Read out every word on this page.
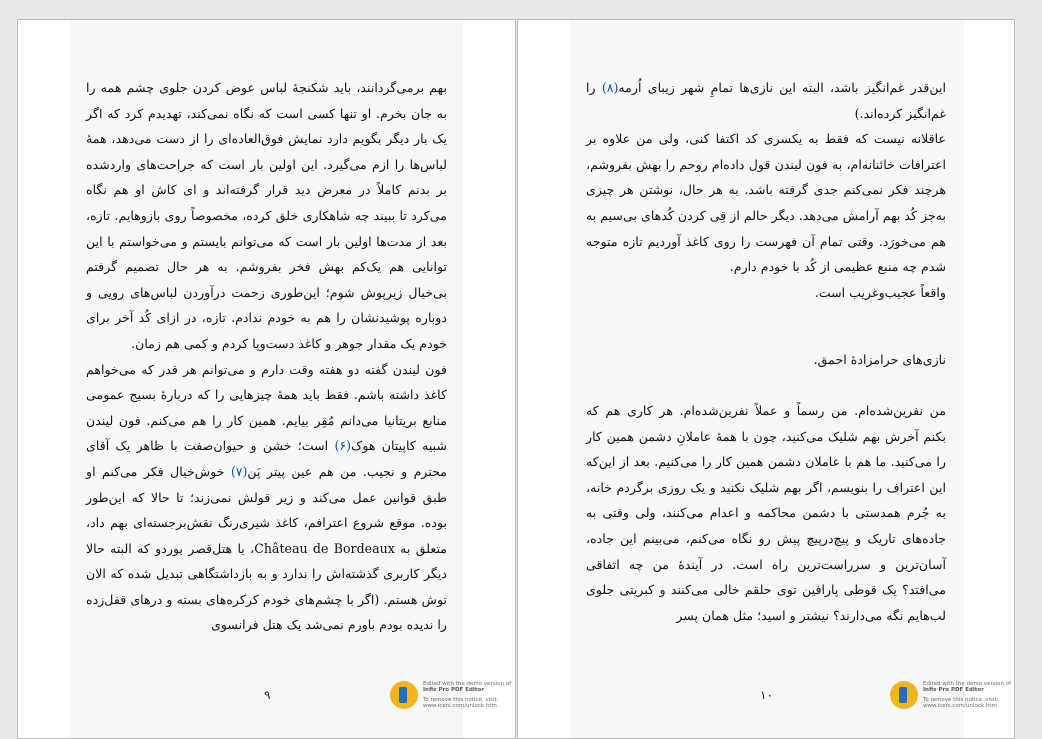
بهم برمی‌گردانند، باید شکنجهٔ لباس عوض کردن جلوی چشم همه را به جان بخرم. او تنها کسی است که نگاه نمی‌کند، تهدیدم کرد که اگر یک بار دیگر بگویم دارد نمایش فوق‌العاده‌ای را از دست می‌دهد، همهٔ لباس‌ها را ازم می‌گیرد. این اولین بار است که جراحت‌های واردشده بر بدنم کاملاً در معرض دید قرار گرفته‌اند و ای کاش او هم نگاه می‌کرد تا ببیند چه شاهکاری خلق کرده، مخصوصاً روی بازوهایم. تازه، بعد از مدت‌ها اولین بار است که می‌توانم بایستم و می‌خواستم با این توانایی هم یک‌کم بهش فخر بفروشم. به هر حال تصمیم گرفتم بی‌خیال زیرپوش شوم؛ این‌طوری زحمت درآوردن لباس‌های رویی و دوباره پوشیدنشان را هم به خودم ندادم. تازه، در ازای کُد آخر برای خودم یک مقدار جوهر و کاغذ دست‌وپا کردم و کمی هم زمان.

فون لیندن گفته دو هفته وقت دارم و می‌توانم هر قدر که می‌خواهم کاغذ داشته باشم. فقط باید همهٔ چیزهایی را که دربارهٔ بسیج عمومی منابع بریتانیا می‌دانم مُقِر بیایم. همین کار را هم می‌کنم. فون لیندن شبیه کاپیتان هوک(۶) است؛ خشن و حیوان‌صفت با ظاهر یک آقای محترم و نجیب. من هم عین پیتر پَن(۷) خوش‌خیال فکر می‌کنم او طبق قوانین عمل می‌کند و زیر قولش نمی‌زند؛ تا حالا که این‌طور بوده. موقع شروع اعترافم، کاغذ شیری‌رنگ نقش‌برجسته‌ای بهم داد، متعلق به Château de Bordeaux، یا هتل‌قصر بوردو که البته حالا دیگر کاربری گذشته‌اش را ندارد و به بازداشتگاهی تبدیل شده که الان توش هستم. (اگر با چشم‌های خودم کرکره‌های بسته و درهای قفل‌زده را ندیده بودم باورم نمی‌شد یک هتل فرانسوی

۹
Edited with the demo version of
Infix Pro PDF Editor
To remove this notice, visit:
www.iceni.com/unlock.htm

این‌قدر غم‌انگیز باشد، البته این نازی‌ها تمامِ شهر زیبای اُرمه(۸) را غم‌انگیز کرده‌اند.)

عاقلانه نیست که فقط به یکسری کد اکتفا کنی، ولی من علاوه بر اعترافات خائنانه‌ام، به فون لیندن قول داده‌ام روحم را بهش بفروشم، هرچند فکر نمی‌کنم جدی گرفته باشد. به هر حال، نوشتن هر چیزی به‌جز کُد بهم آرامش می‌دهد. دیگر حالم از قِی کردن کُدهای بی‌سیم به هم می‌خورَد. وقتی تمام آن فهرست را روی کاغذ آوردیم تازه متوجه شدم چه منبع عظیمی از کُد با خودم دارم.

واقعاً عجیب‌وغریب است.

نازی‌های حرامزادهٔ احمق.

من نفرین‌شده‌ام. من رسماً و عملاً نفرین‌شده‌ام. هر کاری هم که بکنم آخرش بهم شلیک می‌کنید، چون با همهٔ عاملانِ دشمن همین کار را می‌کنید. ما هم با عاملان دشمن همین کار را می‌کنیم. بعد از این‌که این اعتراف را بنویسم، اگر بهم شلیک نکنید و یک روزی برگردم خانه، به جُرم همدستی با دشمن محاکمه و اعدام می‌کنند، ولی وقتی به جاده‌های تاریک و پیچ‌درپیچ پیش رو نگاه می‌کنم، می‌بینم این جاده، آسان‌ترین و سرراست‌ترین راه است. در آیندهٔ من چه اتفاقی می‌افتد؟ یک قوطی پارافین توی حلقم خالی می‌کنند و کبریتی جلوی لب‌هایم نگه می‌دارند؟ نیشتر و اسید؛ مثل همان پسر

۱۰
Edited with the demo version of
Infix Pro PDF Editor
To remove this notice, visit:
www.iceni.com/unlock.htm
